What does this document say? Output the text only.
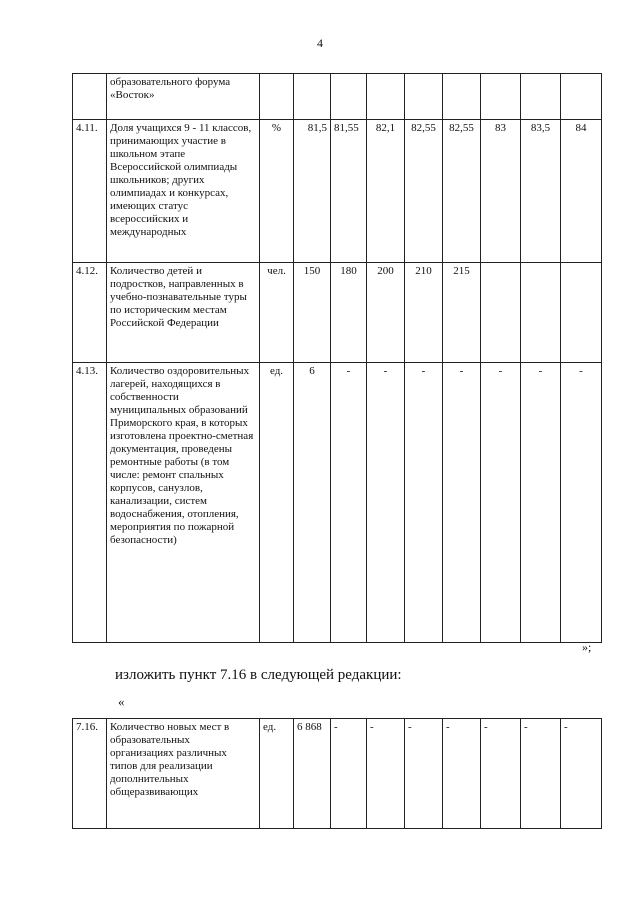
4
	образовательного форума «Восток»									
4.11.	Доля учащихся 9 - 11 классов, принимающих участие в школьном этапе Всероссийской олимпиады школьников; других олимпиадах и конкурсах, имеющих статус всероссийских и международных	%	81,5	81,55	82,1	82,55	82,55	83	83,5	84
4.12.	Количество детей и подростков, направленных в учебно-познавательные туры по историческим местам Российской Федерации	чел.	150	180	200	210	215			
4.13.	Количество оздоровительных лагерей, находящихся в собственности муниципальных образований Приморского края, в которых изготовлена проектно-сметная документация, проведены ремонтные работы (в том числе: ремонт спальных корпусов, санузлов, канализации, систем водоснабжения, отопления, мероприятия по пожарной безопасности)	ед.	6	-	-	-	-	-	-	-
»;
изложить пункт 7.16 в следующей редакции:
«
7.16.	Количество новых мест в образовательных организациях различных типов для реализации дополнительных общеразвивающих	ед.	6 868	-	-	-	-	-	-	-
